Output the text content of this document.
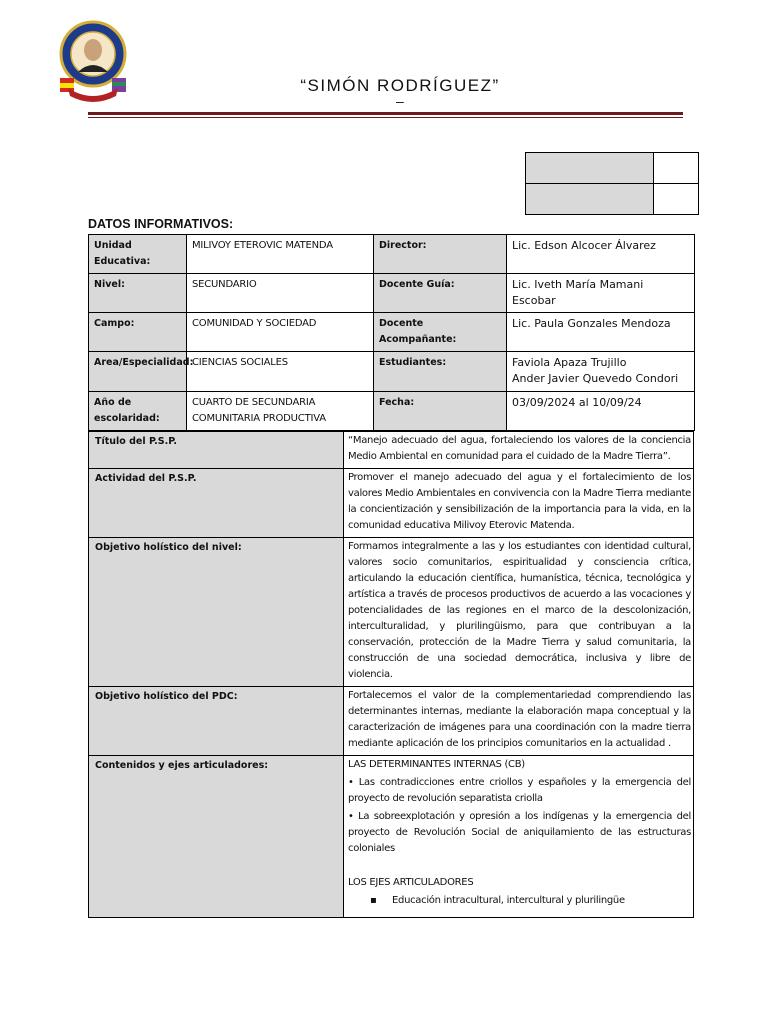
“SIMÓN RODRÍGUEZ”
–

DATOS INFORMATIVOS:
Unidad Educativa:	MILIVOY ETEROVIC MATENDA	Director:	Lic. Edson Alcocer Álvarez
Nivel:	SECUNDARIO	Docente Guía:	Lic. Iveth María Mamani Escobar
Campo:	COMUNIDAD Y SOCIEDAD	Docente Acompañante:	Lic. Paula Gonzales Mendoza
Area/Especialidad:	CIENCIAS SOCIALES	Estudiantes:	Faviola Apaza Trujillo
Ander Javier Quevedo Condori

Año de escolaridad:	CUARTO DE SECUNDARIA COMUNITARIA PRODUCTIVA	Fecha:	03/09/2024 al 10/09/24
Título del P.S.P.	“Manejo adecuado del agua, fortaleciendo los valores de la conciencia Medio Ambiental en comunidad para el cuidado de la Madre Tierra”.
Actividad del P.S.P.	Promover el manejo adecuado del agua y el fortalecimiento de los valores Medio Ambientales en convivencia con la Madre Tierra mediante la concientización y sensibilización de la importancia para la vida, en la comunidad educativa Milivoy Eterovic Matenda.
Objetivo holístico del nivel:	Formamos integralmente a las y los estudiantes con identidad cultural, valores socio comunitarios, espiritualidad y consciencia crítica, articulando la educación científica, humanística, técnica, tecnológica y artística a través de procesos productivos de acuerdo a las vocaciones y potencialidades de las regiones en el marco de la descolonización, interculturalidad, y plurilingüismo, para que contribuyan a la conservación, protección de la Madre Tierra y salud comunitaria, la construcción de una sociedad democrática, inclusiva y libre de violencia.
Objetivo holístico del PDC:	Fortalecemos el valor de la complementariedad comprendiendo las determinantes internas, mediante la elaboración mapa conceptual y la caracterización de imágenes para una coordinación con la madre tierra mediante aplicación de los principios comunitarios en la actualidad .
Contenidos y ejes articuladores:	LAS DETERMINANTES INTERNAS (CB)
• Las contradicciones entre criollos y españoles y la emergencia del proyecto de revolución separatista criolla
• La sobreexplotación y opresión a los indígenas y la emergencia del proyecto de Revolución Social de aniquilamiento de las estructuras coloniales
LOS EJES ARTICULADORES
▪ Educación intracultural, intercultural y plurilingüe
